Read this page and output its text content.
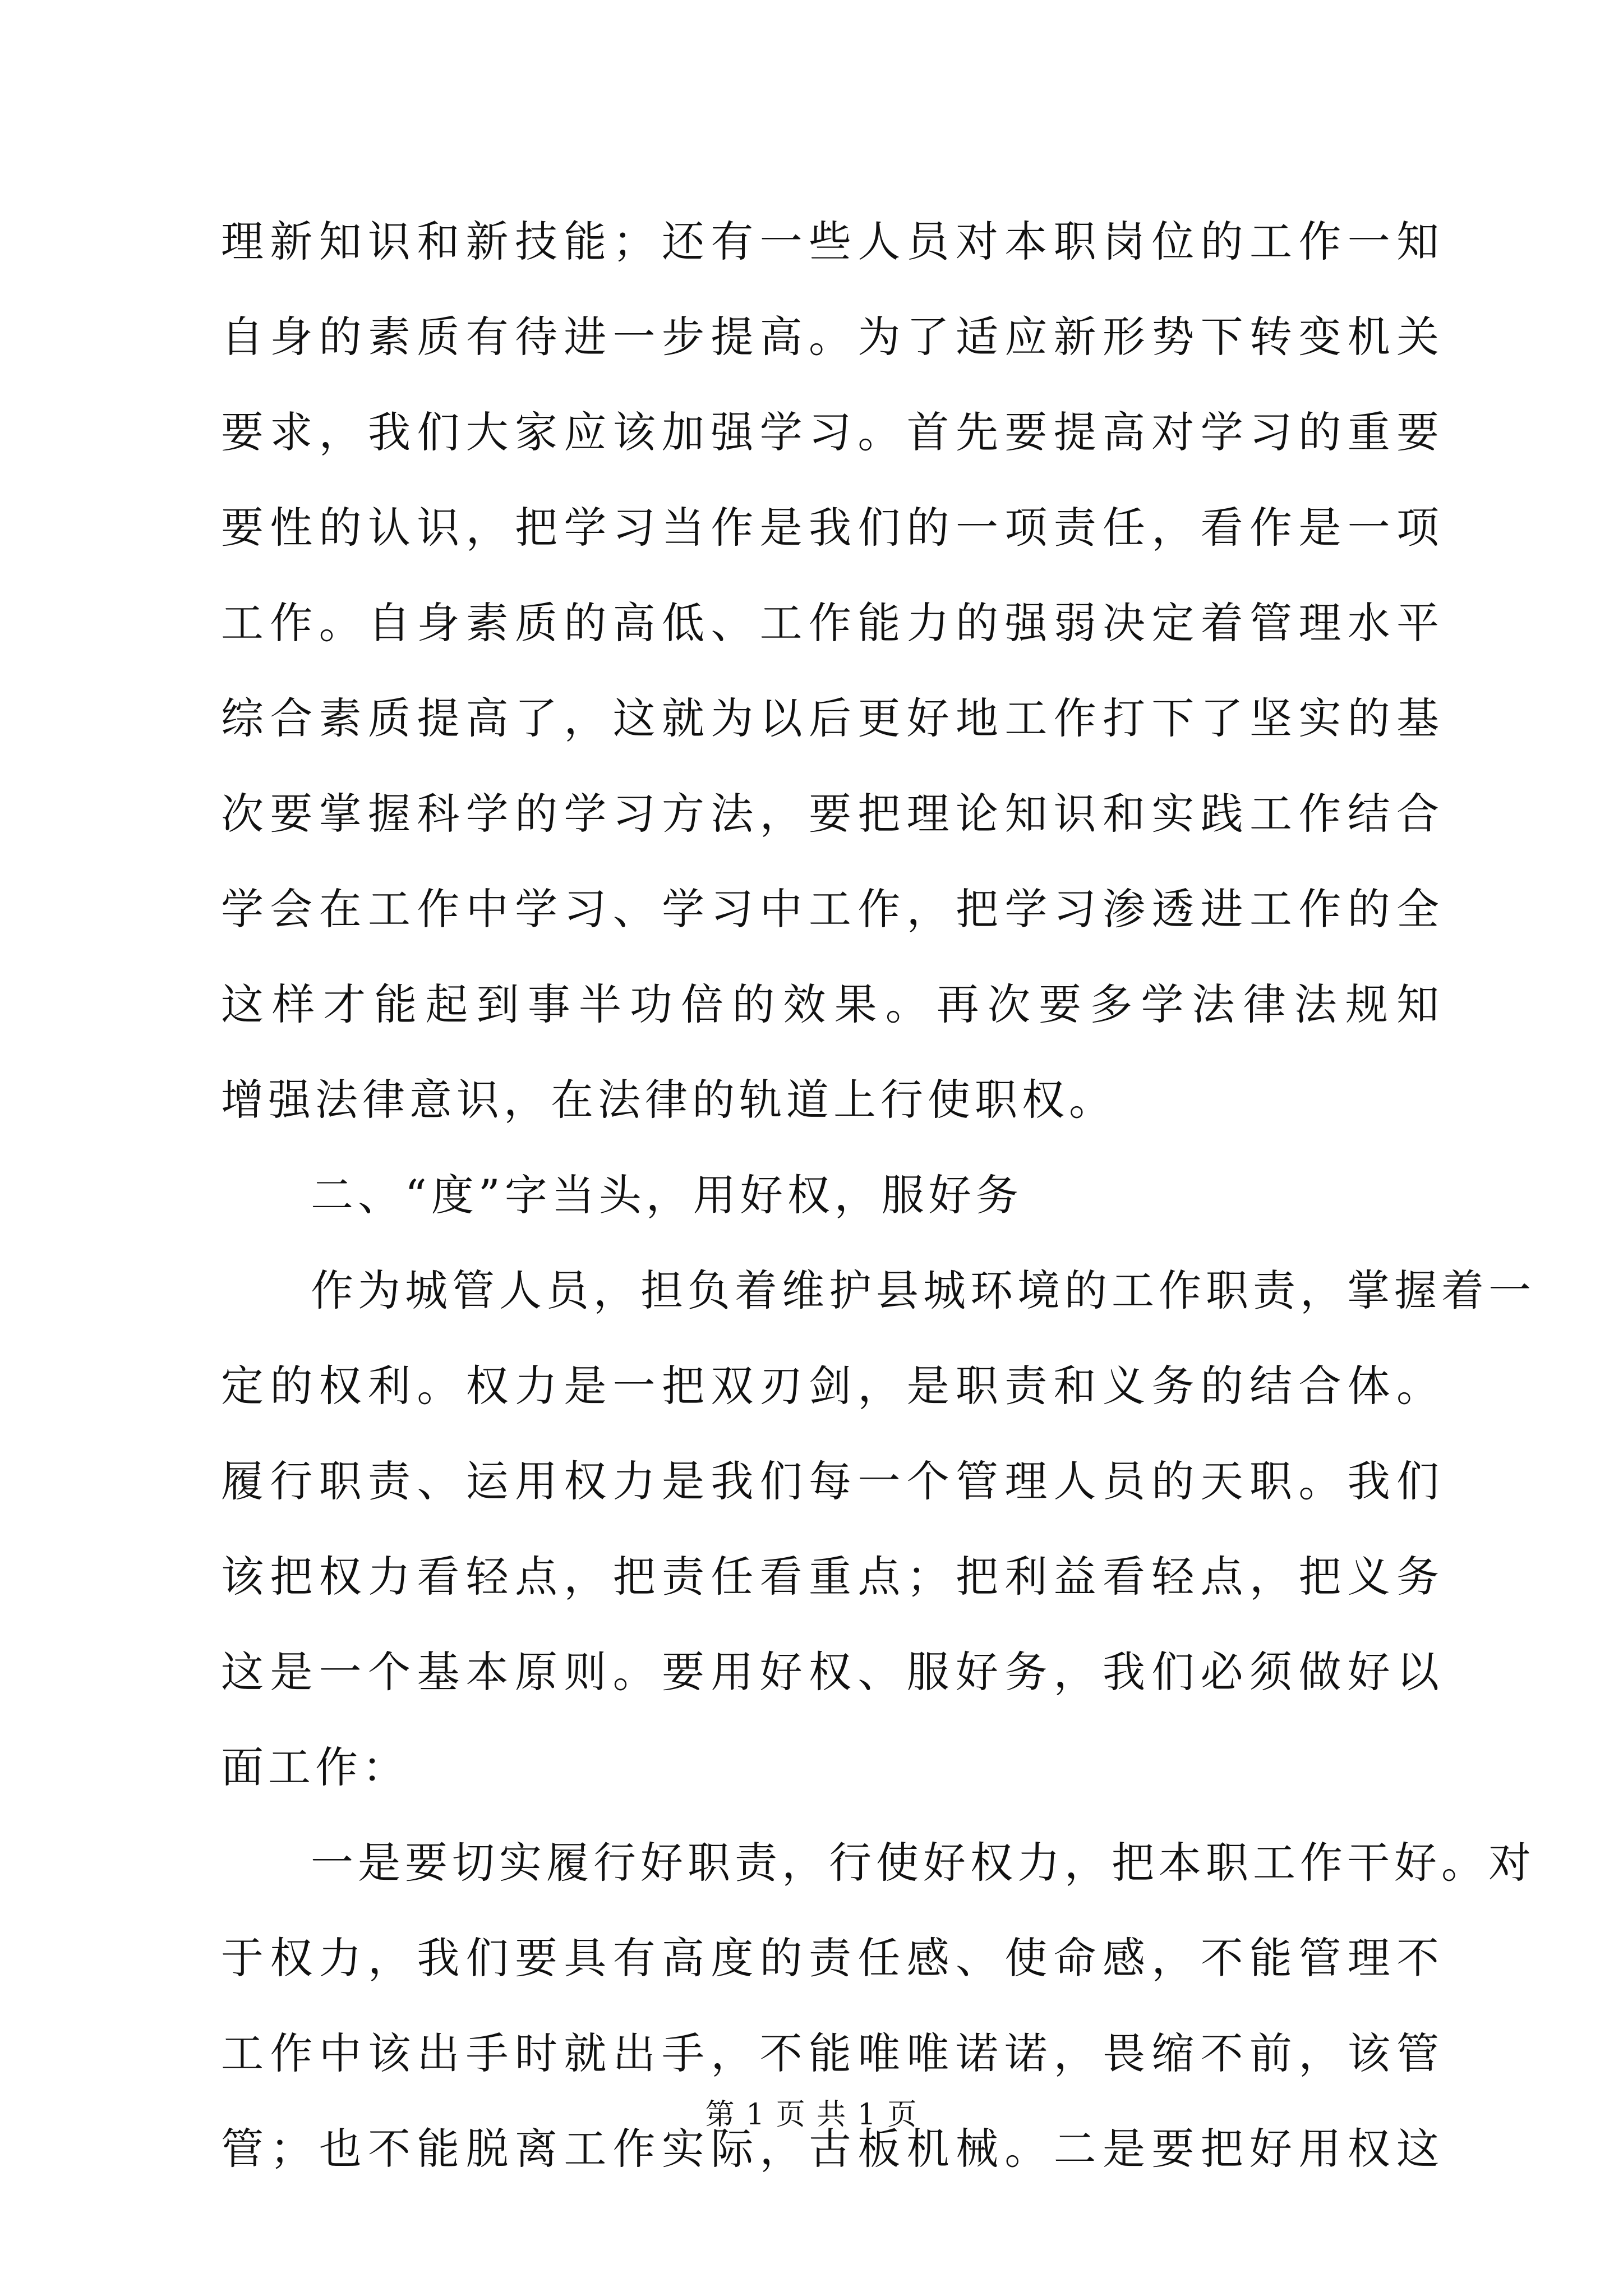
理新知识和新技能；还有一些人员对本职岗位的工作一知
自身的素质有待进一步提高。为了适应新形势下转变机关
要求，我们大家应该加强学习。首先要提高对学习的重要
要性的认识，把学习当作是我们的一项责任，看作是一项
工作。自身素质的高低、工作能力的强弱决定着管理水平
综合素质提高了，这就为以后更好地工作打下了坚实的基
次要掌握科学的学习方法，要把理论知识和实践工作结合
学会在工作中学习、学习中工作，把学习渗透进工作的全
这样才能起到事半功倍的效果。再次要多学法律法规知
增强法律意识，在法律的轨道上行使职权。
二、“度”字当头，用好权，服好务
作为城管人员，担负着维护县城环境的工作职责，掌握着一
定的权利。权力是一把双刃剑，是职责和义务的结合体。
履行职责、运用权力是我们每一个管理人员的天职。我们
该把权力看轻点，把责任看重点；把利益看轻点，把义务
这是一个基本原则。要用好权、服好务，我们必须做好以
面工作：
一是要切实履行好职责，行使好权力，把本职工作干好。对
于权力，我们要具有高度的责任感、使命感，不能管理不
工作中该出手时就出手，不能唯唯诺诺，畏缩不前，该管
管；也不能脱离工作实际，古板机械。二是要把好用权这
第 1 页 共 1 页
